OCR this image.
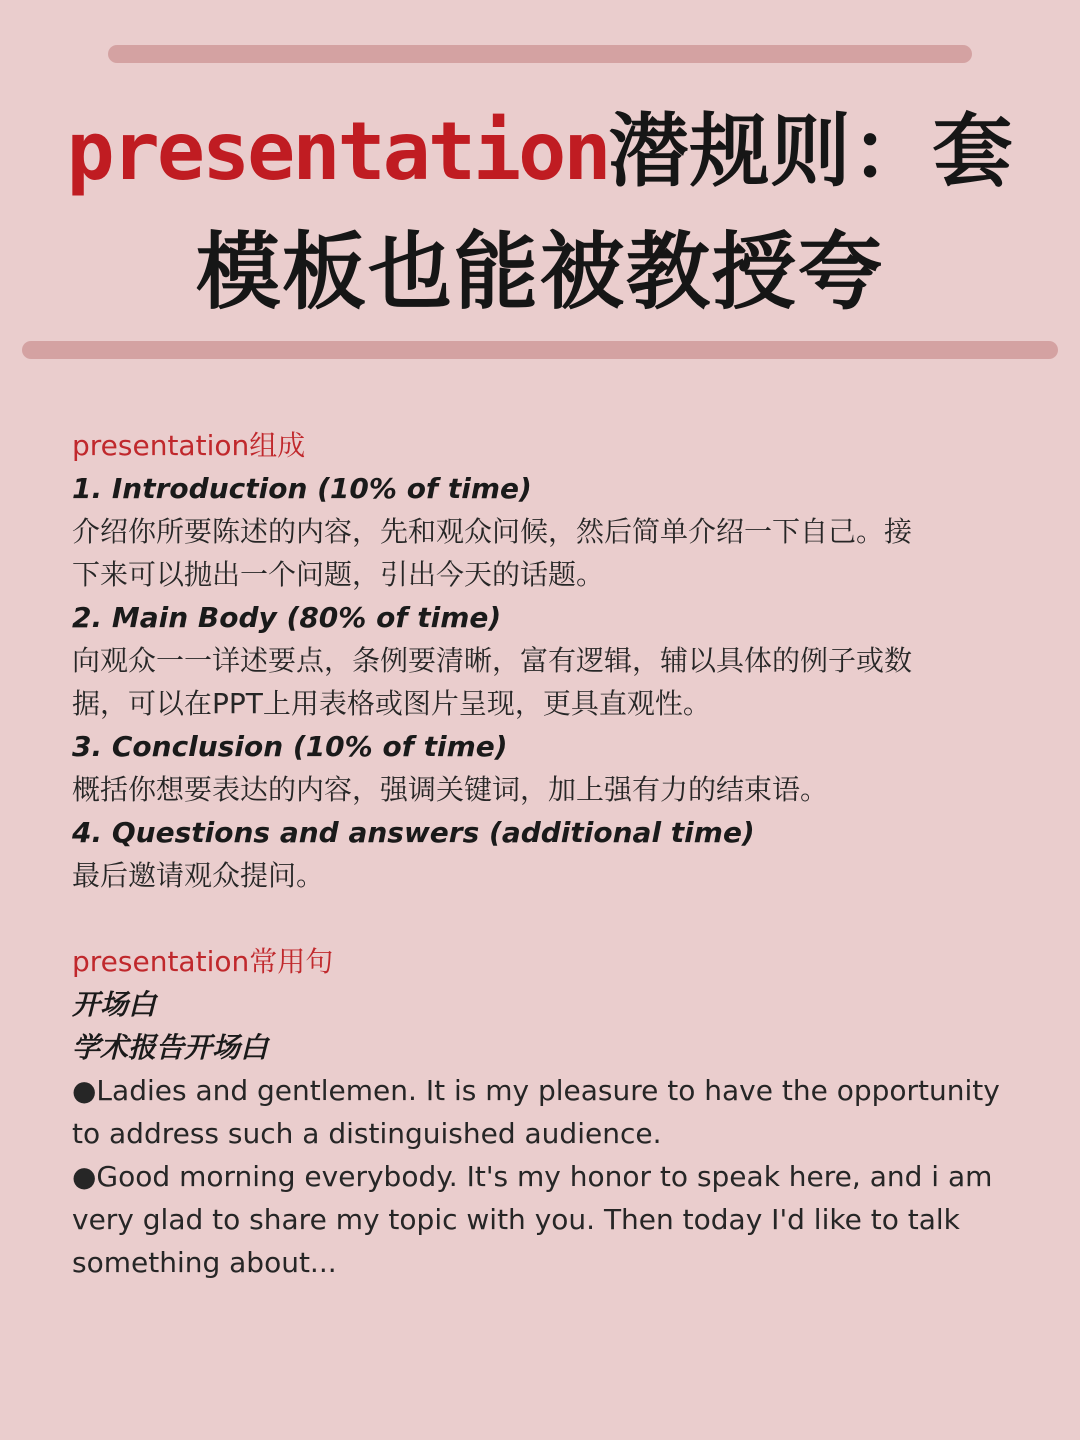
presentation潜规则：套
模板也能被教授夸
presentation组成
1. Introduction (10% of time)
介绍你所要陈述的内容，先和观众问候，然后简单介绍一下自己。接
下来可以抛出一个问题，引出今天的话题。
2. Main Body (80% of time)
向观众一一详述要点，条例要清晰，富有逻辑，辅以具体的例子或数
据，可以在PPT上用表格或图片呈现，更具直观性。
3. Conclusion (10% of time)
概括你想要表达的内容，强调关键词，加上强有力的结束语。
4. Questions and answers (additional time)
最后邀请观众提问。
presentation常用句
开场白
学术报告开场白
●Ladies and gentlemen. It is my pleasure to have the opportunity
to address such a distinguished audience.
●Good morning everybody. It's my honor to speak here, and i am
very glad to share my topic with you. Then today I'd like to talk
something about...
